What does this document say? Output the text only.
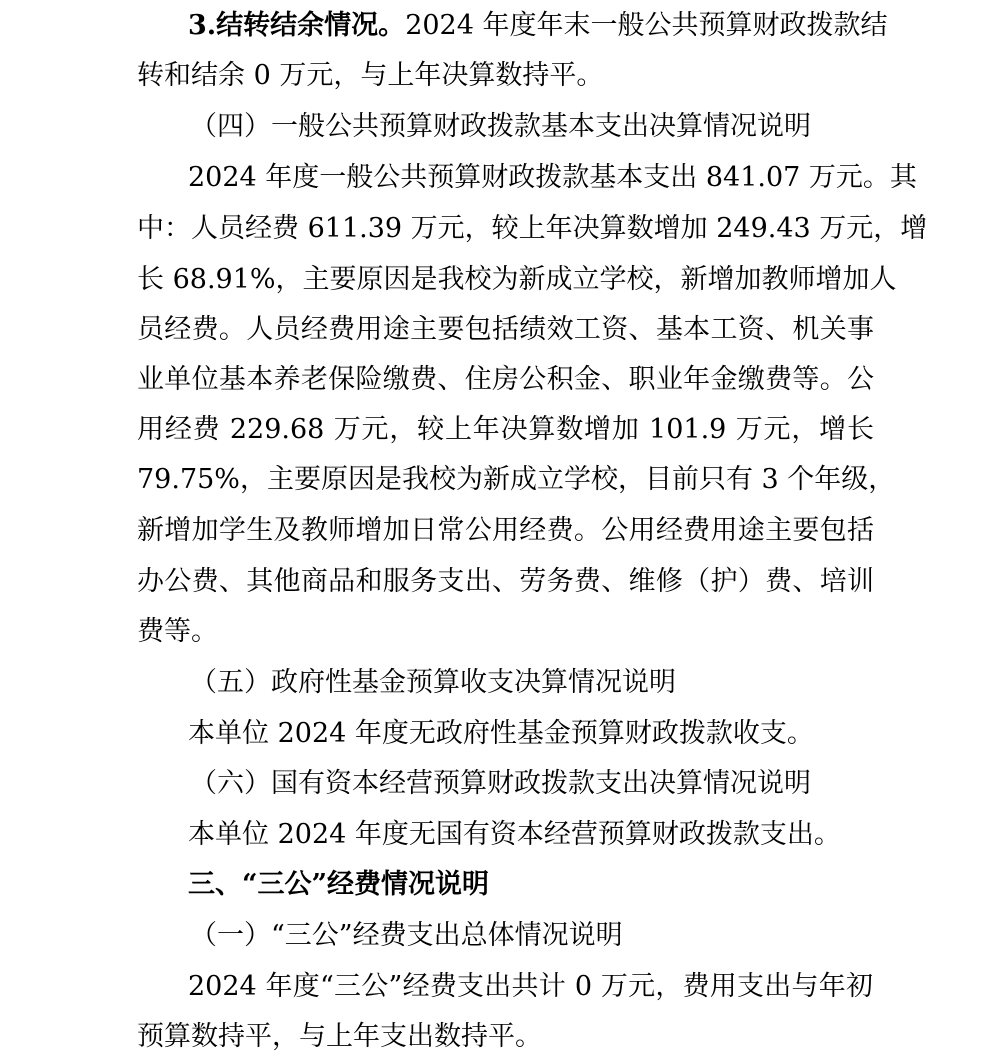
3.结转结余情况。2024 年度年末一般公共预算财政拨款结
转和结余 0 万元，与上年决算数持平。
（四）一般公共预算财政拨款基本支出决算情况说明
2024 年度一般公共预算财政拨款基本支出 841.07 万元。其
中：人员经费 611.39 万元，较上年决算数增加 249.43 万元，增
长 68.91%，主要原因是我校为新成立学校，新增加教师增加人
员经费。人员经费用途主要包括绩效工资、基本工资、机关事
业单位基本养老保险缴费、住房公积金、职业年金缴费等。公
用经费 229.68 万元，较上年决算数增加 101.9 万元，增长
79.75%，主要原因是我校为新成立学校，目前只有 3 个年级，
新增加学生及教师增加日常公用经费。公用经费用途主要包括
办公费、其他商品和服务支出、劳务费、维修（护）费、培训
费等。
（五）政府性基金预算收支决算情况说明
本单位 2024 年度无政府性基金预算财政拨款收支。
（六）国有资本经营预算财政拨款支出决算情况说明
本单位 2024 年度无国有资本经营预算财政拨款支出。
三、“三公”经费情况说明
（一）“三公”经费支出总体情况说明
2024 年度“三公”经费支出共计 0 万元，费用支出与年初
预算数持平，与上年支出数持平。
